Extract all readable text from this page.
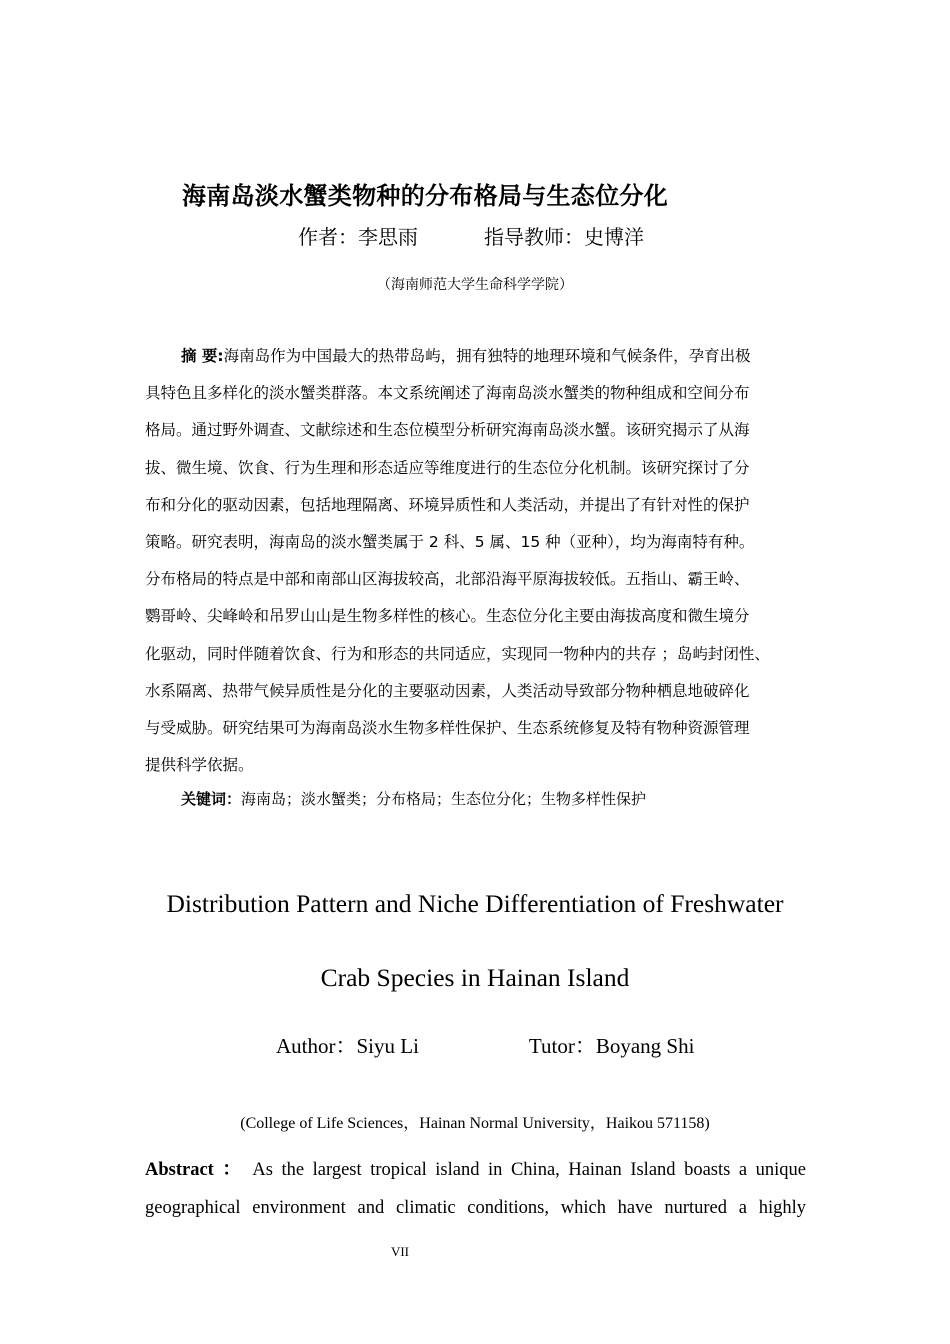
海南岛淡水蟹类物种的分布格局与生态位分化
作者：李思雨	指导教师：史博洋
（海南师范大学生命科学学院）
摘 要:海南岛作为中国最大的热带岛屿，拥有独特的地理环境和气候条件，孕育出极
具特色且多样化的淡水蟹类群落。本文系统阐述了海南岛淡水蟹类的物种组成和空间分布
格局。通过野外调查、文献综述和生态位模型分析研究海南岛淡水蟹。该研究揭示了从海
拔、微生境、饮食、行为生理和形态适应等维度进行的生态位分化机制。该研究探讨了分
布和分化的驱动因素，包括地理隔离、环境异质性和人类活动，并提出了有针对性的保护
策略。研究表明，海南岛的淡水蟹类属于 2 科、5 属、15 种（亚种），均为海南特有种。
分布格局的特点是中部和南部山区海拔较高，北部沿海平原海拔较低。五指山、霸王岭、
鹦哥岭、尖峰岭和吊罗山山是生物多样性的核心。生态位分化主要由海拔高度和微生境分
化驱动，同时伴随着饮食、行为和形态的共同适应，实现同一物种内的共存 ；岛屿封闭性、
水系隔离、热带气候异质性是分化的主要驱动因素，人类活动导致部分物种栖息地破碎化
与受威胁。研究结果可为海南岛淡水生物多样性保护、生态系统修复及特有物种资源管理
提供科学依据。
关键词：海南岛；淡水蟹类；分布格局；生态位分化；生物多样性保护
Distribution Pattern and Niche Differentiation of Freshwater
Crab Species in Hainan Island
Author：Siyu Li	Tutor：Boyang Shi
(College of Life Sciences，Hainan Normal University，Haikou 571158)
Abstract ： As the largest tropical island in China, Hainan Island boasts a unique
geographical environment and climatic conditions, which have nurtured a highly
VII
